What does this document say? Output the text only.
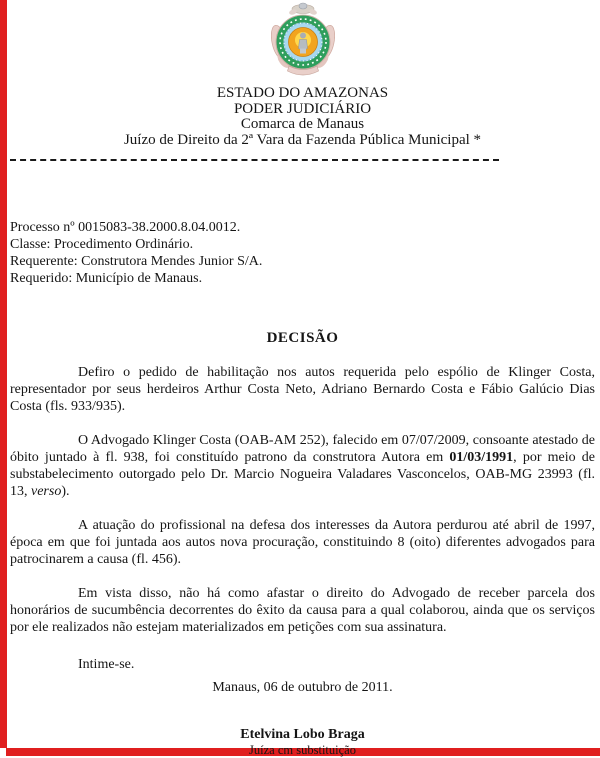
ESTADO DO AMAZONAS
PODER JUDICIÁRIO
Comarca de Manaus
Juízo de Direito da 2ª Vara da Fazenda Pública Municipal *
Processo nº 0015083-38.2000.8.04.0012.
Classe: Procedimento Ordinário.
Requerente: Construtora Mendes Junior S/A.
Requerido: Município de Manaus.
DECISÃO

Defiro o pedido de habilitação nos autos requerida pelo espólio de Klinger Costa, representador por seus herdeiros Arthur Costa Neto, Adriano Bernardo Costa e Fábio Galúcio Dias Costa (fls. 933/935).

O Advogado Klinger Costa (OAB-AM 252), falecido em 07/07/2009, consoante atestado de óbito juntado à fl. 938, foi constituído patrono da construtora Autora em 01/03/1991, por meio de substabelecimento outorgado pelo Dr. Marcio Nogueira Valadares Vasconcelos, OAB-MG 23993 (fl. 13, verso).

A atuação do profissional na defesa dos interesses da Autora perdurou até abril de 1997, época em que foi juntada aos autos nova procuração, constituindo 8 (oito) diferentes advogados para patrocinarem a causa (fl. 456).

Em vista disso, não há como afastar o direito do Advogado de receber parcela dos honorários de sucumbência decorrentes do êxito da causa para a qual colaborou, ainda que os serviços por ele realizados não estejam materializados em petições com sua assinatura.

Intime-se.
Manaus, 06 de outubro de 2011.
Etelvina Lobo Braga
Juíza cm substituição
